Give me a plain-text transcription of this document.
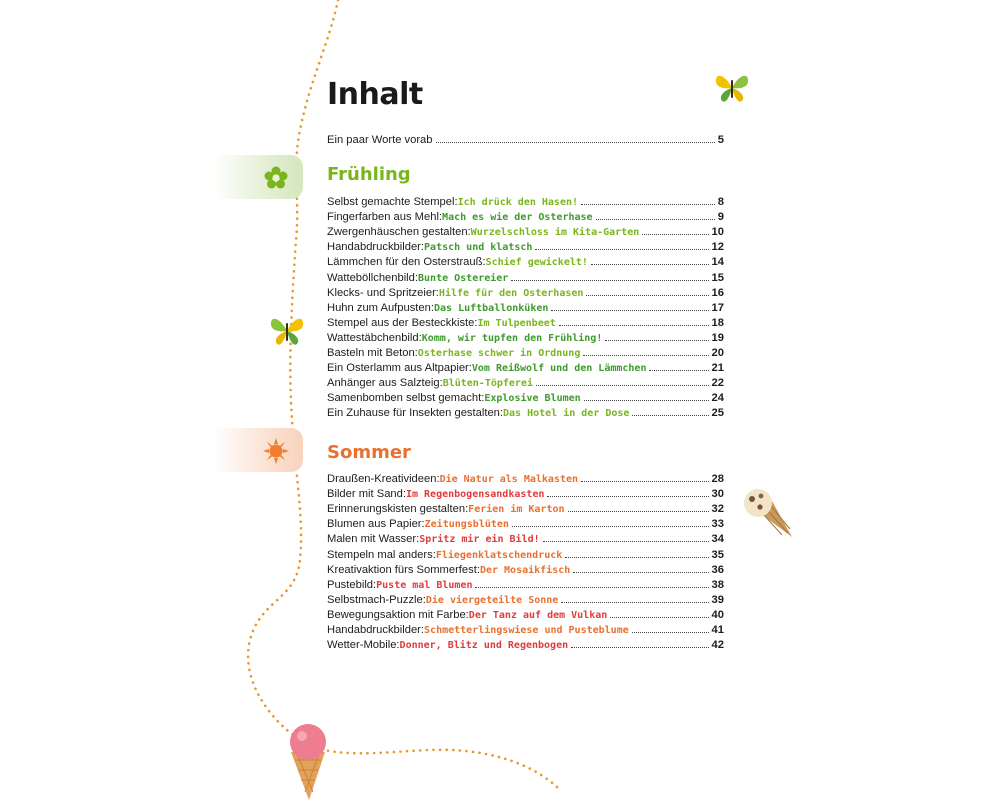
Inhalt
Ein paar Worte vorab	5
Frühling
Selbst gemachte Stempel: Ich drück den Hasen!	8
Fingerfarben aus Mehl: Mach es wie der Osterhase	9
Zwergenhäuschen gestalten: Wurzelschloss im Kita-Garten	10
Handabdruckbilder: Patsch und klatsch	12
Lämmchen für den Osterstrauß: Schief gewickelt!	14
Watteböllchenbild: Bunte Ostereier	15
Klecks- und Spritzeier: Hilfe für den Osterhasen	16
Huhn zum Aufpusten: Das Luftballonküken	17
Stempel aus der Besteckkiste: Im Tulpenbeet	18
Wattestäbchenbild: Komm, wir tupfen den Frühling!	19
Basteln mit Beton: Osterhase schwer in Ordnung	20
Ein Osterlamm aus Altpapier: Vom Reißwolf und den Lämmchen	21
Anhänger aus Salzteig: Blüten-Töpferei	22
Samenbomben selbst gemacht: Explosive Blumen	24
Ein Zuhause für Insekten gestalten: Das Hotel in der Dose	25
Sommer
Draußen-Kreativideen: Die Natur als Malkasten	28
Bilder mit Sand: Im Regenbogensandkasten	30
Erinnerungskisten gestalten: Ferien im Karton	32
Blumen aus Papier: Zeitungsblüten	33
Malen mit Wasser: Spritz mir ein Bild!	34
Stempeln mal anders: Fliegenklatschendruck	35
Kreativaktion fürs Sommerfest: Der Mosaikfisch	36
Pustebild: Puste mal Blumen	38
Selbstmach-Puzzle: Die viergeteilte Sonne	39
Bewegungsaktion mit Farbe: Der Tanz auf dem Vulkan	40
Handabdruckbilder: Schmetterlingswiese und Pusteblume	41
Wetter-Mobile: Donner, Blitz und Regenbogen	42
